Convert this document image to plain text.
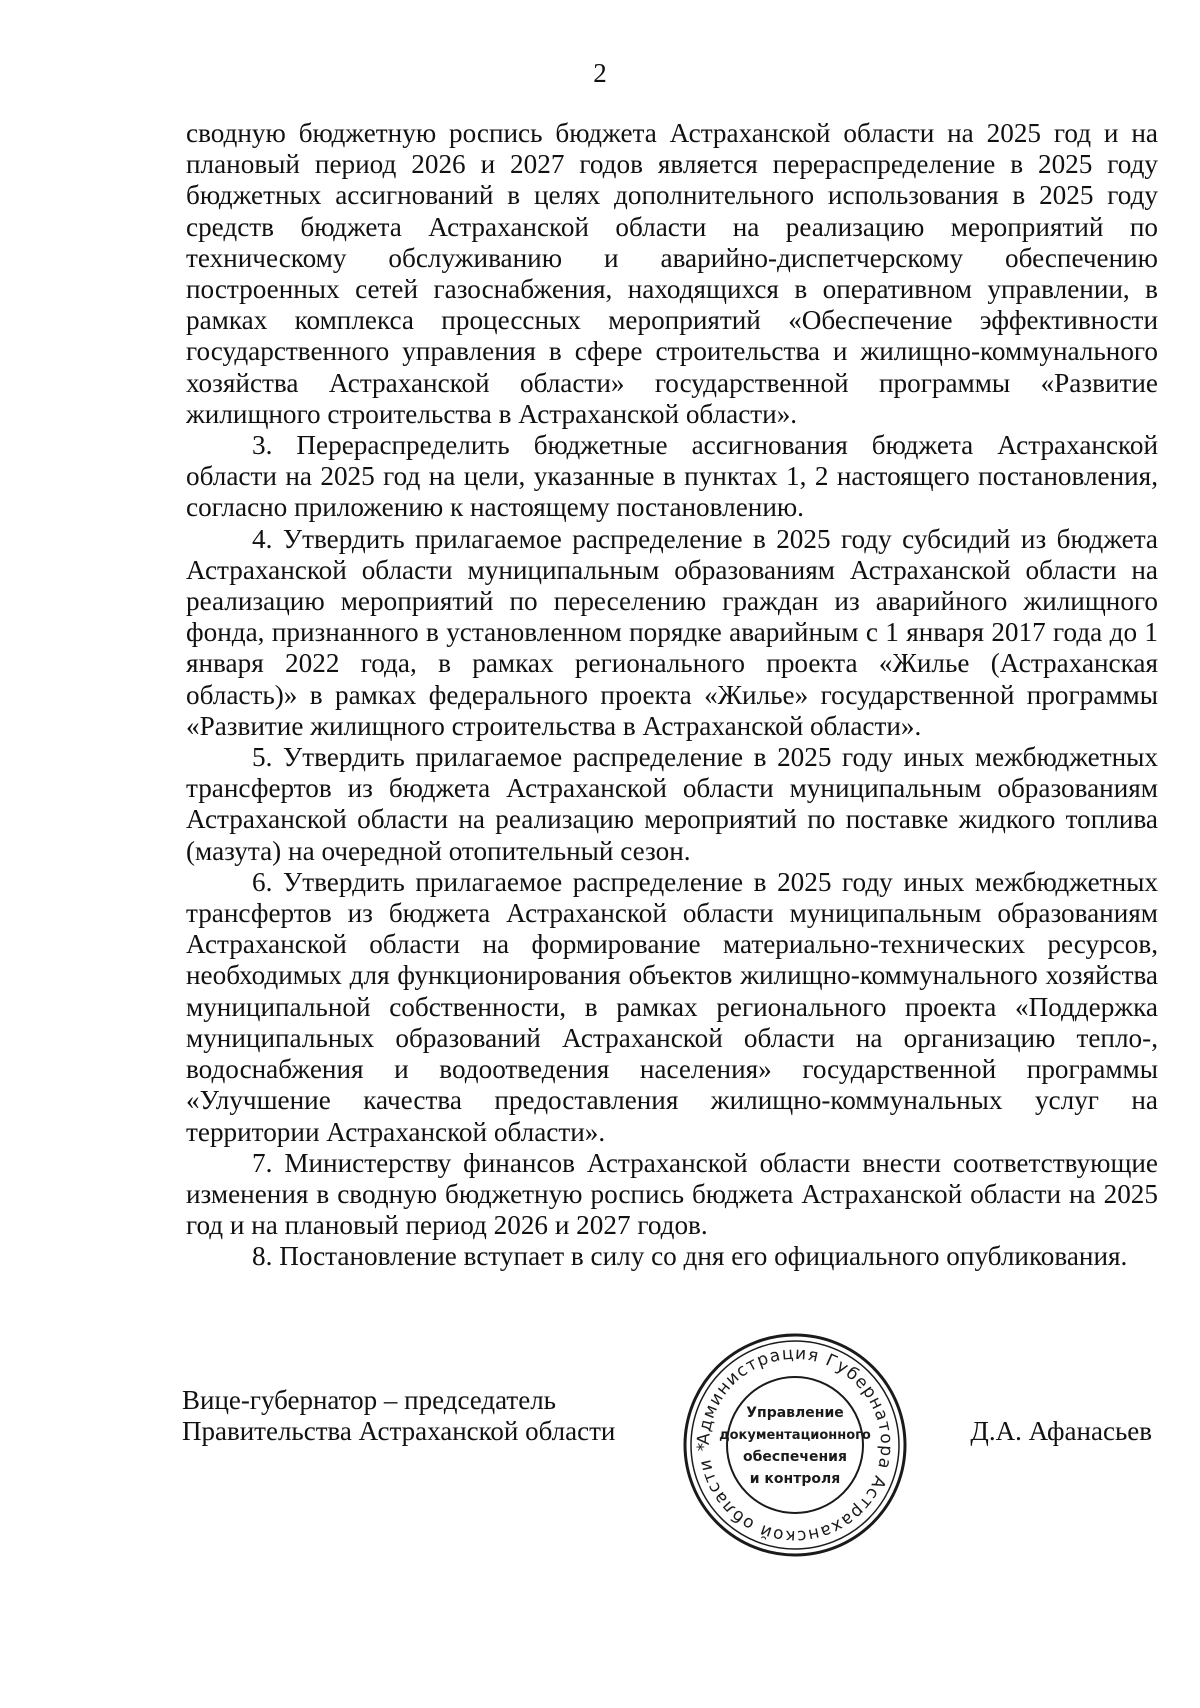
2

сводную бюджетную роспись бюджета Астраханской области на 2025 год и на плановый период 2026 и 2027 годов является перераспределение в 2025 году бюджетных ассигнований в целях дополнительного использования в 2025 году средств бюджета Астраханской области на реализацию мероприятий по техническому обслуживанию и аварийно-диспетчерскому обеспечению построенных сетей газоснабжения, находящихся в оперативном управлении, в рамках комплекса процессных мероприятий «Обеспечение эффективности государственного управления в сфере строительства и жилищно-коммунального хозяйства Астраханской области» государственной программы «Развитие жилищного строительства в Астраханской области».

3. Перераспределить бюджетные ассигнования бюджета Астраханской области на 2025 год на цели, указанные в пунктах 1, 2 настоящего постановления, согласно приложению к настоящему постановлению.

4. Утвердить прилагаемое распределение в 2025 году субсидий из бюджета Астраханской области муниципальным образованиям Астраханской области на реализацию мероприятий по переселению граждан из аварийного жилищного фонда, признанного в установленном порядке аварийным с 1 января 2017 года до 1 января 2022 года, в рамках регионального проекта «Жилье (Астраханская область)» в рамках федерального проекта «Жилье» государственной программы «Развитие жилищного строительства в Астраханской области».

5. Утвердить прилагаемое распределение в 2025 году иных межбюджетных трансфертов из бюджета Астраханской области муниципальным образованиям Астраханской области на реализацию мероприятий по поставке жидкого топлива (мазута) на очередной отопительный сезон.

6. Утвердить прилагаемое распределение в 2025 году иных межбюджетных трансфертов из бюджета Астраханской области муниципальным образованиям Астраханской области на формирование материально-технических ресурсов, необходимых для функционирования объектов жилищно-коммунального хозяйства муниципальной собственности, в рамках регионального проекта «Поддержка муниципальных образований Астраханской области на организацию тепло-, водоснабжения и водоотведения населения» государственной программы «Улучшение качества предоставления жилищно-коммунальных услуг на территории Астраханской области».

7. Министерству финансов Астраханской области внести соответствующие изменения в сводную бюджетную роспись бюджета Астраханской области на 2025 год и на плановый период 2026 и 2027 годов.

8. Постановление вступает в силу со дня его официального опубликования.

Вице-губернатор – председатель
Правительства Астраханской области	Администрация Губернатора Астраханской области *
Управление
документационного
обеспечения
и контроля
Д.А. Афанасьев
